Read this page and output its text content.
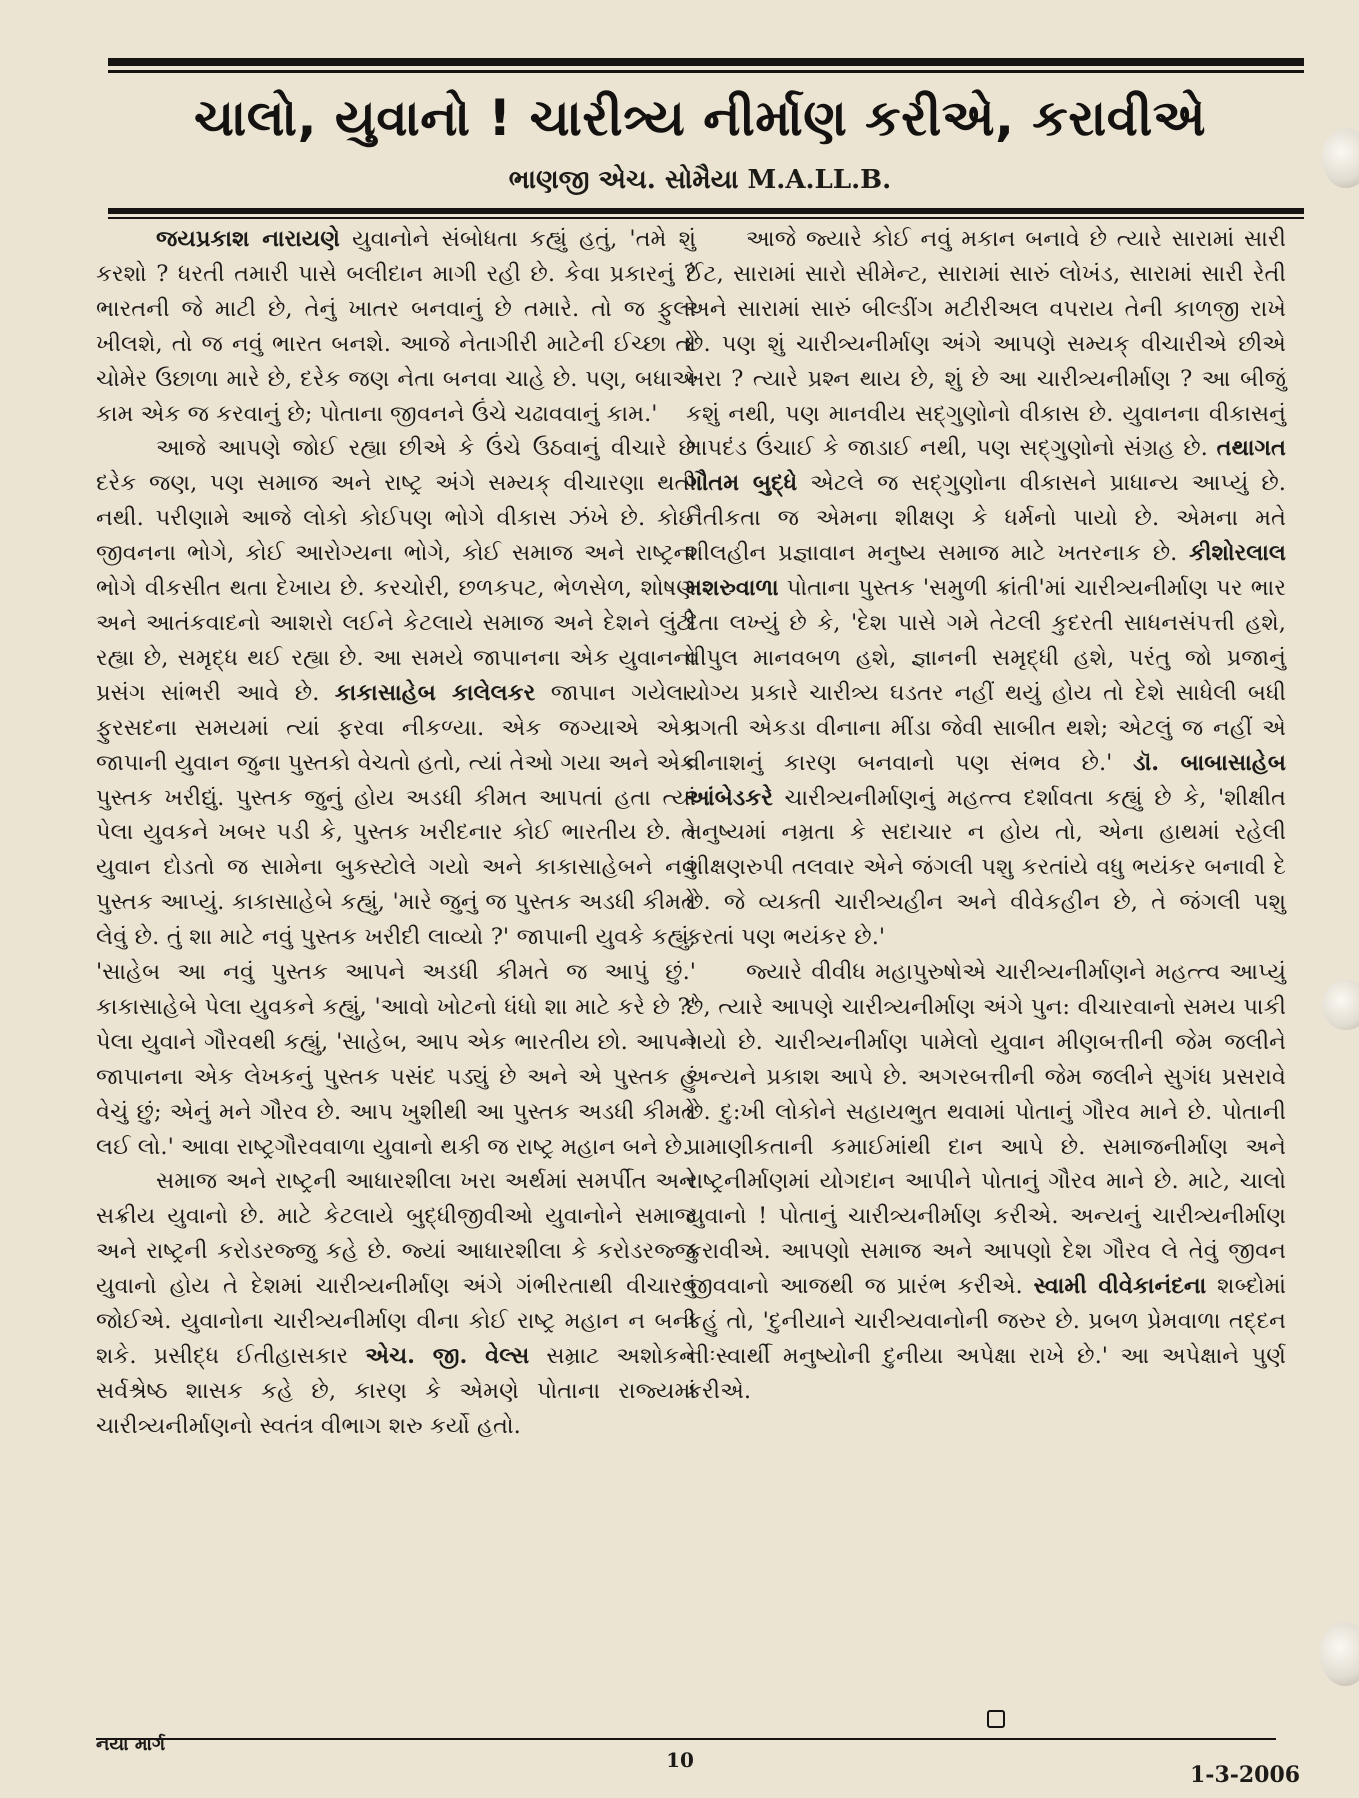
ચાલો, યુવાનો ! ચારીત્ર્ય નીર્માણ કરીએ, કરાવીએ
ભાણજી એચ. સોમૈયા M.A.LL.B.

જયપ્રકાશ નારાયણે યુવાનોને સંબોધતા કહ્યું હતું, 'તમે શું કરશો ? ધરતી તમારી પાસે બલીદાન માગી રહી છે. કેવા પ્રકારનું ? ભારતની જે માટી છે, તેનું ખાતર બનવાનું છે તમારે. તો જ ફુલો ખીલશે, તો જ નવું ભારત બનશે. આજે નેતાગીરી માટેની ઈચ્છા તો ચોમેર ઉછાળા મારે છે, દરેક જણ નેતા બનવા ચાહે છે. પણ, બધાએ કામ એક જ કરવાનું છે; પોતાના જીવનને ઉંચે ચઢાવવાનું કામ.'

આજે આપણે જોઈ રહ્યા છીએ કે ઉંચે ઉઠવાનું વીચારે છે દરેક જણ, પણ સમાજ અને રાષ્ટ્ર અંગે સમ્યક્ વીચારણા થતી નથી. પરીણામે આજે લોકો કોઈપણ ભોગે વીકાસ ઝંખે છે. કોઈ જીવનના ભોગે, કોઈ આરોગ્યના ભોગે, કોઈ સમાજ અને રાષ્ટ્રના ભોગે વીકસીત થતા દેખાય છે. કરચોરી, છળકપટ, ભેળસેળ, શોષણ અને આતંકવાદનો આશરો લઈને કેટલાયે સમાજ અને દેશને લુંટી રહ્યા છે, સમૃદ્ધ થઈ રહ્યા છે. આ સમયે જાપાનના એક યુવાનનો પ્રસંગ સાંભરી આવે છે. કાકાસાહેબ કાલેલકર જાપાન ગયેલા. ફુરસદના સમયમાં ત્યાં ફરવા નીકળ્યા. એક જગ્યાએ એક જાપાની યુવાન જુના પુસ્તકો વેચતો હતો, ત્યાં તેઓ ગયા અને એક પુસ્તક ખરીદ્યું. પુસ્તક જુનું હોય અડધી કીમત આપતાં હતા ત્યાં પેલા યુવકને ખબર પડી કે, પુસ્તક ખરીદનાર કોઈ ભારતીય છે. તે યુવાન દોડતો જ સામેના બુકસ્ટોલે ગયો અને કાકાસાહેબને નવું પુસ્તક આપ્યું. કાકાસાહેબે કહ્યું, 'મારે જુનું જ પુસ્તક અડધી કીમતે લેવું છે. તું શા માટે નવું પુસ્તક ખરીદી લાવ્યો ?' જાપાની યુવકે કહ્યું, 'સાહેબ આ નવું પુસ્તક આપને અડધી કીમતે જ આપું છું.' કાકાસાહેબે પેલા યુવકને કહ્યું, 'આવો ખોટનો ધંધો શા માટે કરે છે ?' પેલા યુવાને ગૌરવથી કહ્યું, 'સાહેબ, આપ એક ભારતીય છો. આપને જાપાનના એક લેખકનું પુસ્તક પસંદ પડ્યું છે અને એ પુસ્તક હું વેચું છું; એનું મને ગૌરવ છે. આપ ખુશીથી આ પુસ્તક અડધી કીમતે લઈ લો.' આવા રાષ્ટ્રગૌરવવાળા યુવાનો થકી જ રાષ્ટ્ર મહાન બને છે.

સમાજ અને રાષ્ટ્રની આધારશીલા ખરા અર્થમાં સમર્પીત અને સક્રીય યુવાનો છે. માટે કેટલાયે બુદ્ધીજીવીઓ યુવાનોને સમાજ અને રાષ્ટ્રની કરોડરજ્જુ કહે છે. જ્યાં આધારશીલા કે કરોડરજ્જુ યુવાનો હોય તે દેશમાં ચારીત્ર્યનીર્માણ અંગે ગંભીરતાથી વીચારવું જોઈએ. યુવાનોના ચારીત્ર્યનીર્માણ વીના કોઈ રાષ્ટ્ર મહાન ન બની શકે. પ્રસીદ્ધ ઈતીહાસકાર એચ. જી. વેલ્સ સમ્રાટ અશોકને સર્વશ્રેષ્ઠ શાસક કહે છે, કારણ કે એમણે પોતાના રાજ્યમાં ચારીત્ર્યનીર્માણનો સ્વતંત્ર વીભાગ શરુ કર્યો હતો.

આજે જ્યારે કોઈ નવું મકાન બનાવે છે ત્યારે સારામાં સારી ઈંટ, સારામાં સારો સીમેન્ટ, સારામાં સારું લોખંડ, સારામાં સારી રેતી અને સારામાં સારું બીલ્ડીંગ મટીરીઅલ વપરાય તેની કાળજી રાખે છે. પણ શું ચારીત્ર્યનીર્માણ અંગે આપણે સમ્યક્ વીચારીએ છીએ ખરા ? ત્યારે પ્રશ્ન થાય છે, શું છે આ ચારીત્ર્યનીર્માણ ? આ બીજું કશું નથી, પણ માનવીય સદ્ગુણોનો વીકાસ છે. યુવાનના વીકાસનું માપદંડ ઉંચાઈ કે જાડાઈ નથી, પણ સદ્ગુણોનો સંગ્રહ છે. તથાગત ગૌતમ બુદ્ધે એટલે જ સદ્ગુણોના વીકાસને પ્રાધાન્ય આપ્યું છે. નૈતીકતા જ એમના શીક્ષણ કે ધર્મનો પાયો છે. એમના મતે શીલહીન પ્રજ્ઞાવાન મનુષ્ય સમાજ માટે ખતરનાક છે. કીશોરલાલ મશરુવાળા પોતાના પુસ્તક 'સમુળી ક્રાંતી'માં ચારીત્ર્યનીર્માણ પર ભાર દેતા લખ્યું છે કે, 'દેશ પાસે ગમે તેટલી કુદરતી સાધનસંપત્તી હશે, વીપુલ માનવબળ હશે, જ્ઞાનની સમૃદ્ધી હશે, પરંતુ જો પ્રજાનું યોગ્ય પ્રકારે ચારીત્ર્ય ઘડતર નહીં થયું હોય તો દેશે સાધેલી બધી પ્રગતી એકડા વીનાના મીંડા જેવી સાબીત થશે; એટલું જ નહીં એ વીનાશનું કારણ બનવાનો પણ સંભવ છે.' ડૉ. બાબાસાહેબ આંબેડકરે ચારીત્ર્યનીર્માણનું મહત્ત્વ દર્શાવતા કહ્યું છે કે, 'શીક્ષીત મનુષ્યમાં નમ્રતા કે સદાચાર ન હોય તો, એના હાથમાં રહેલી શીક્ષણરુપી તલવાર એને જંગલી પશુ કરતાંયે વધુ ભયંકર બનાવી દે છે. જે વ્યક્તી ચારીત્ર્યહીન અને વીવેકહીન છે, તે જંગલી પશુ કરતાં પણ ભયંકર છે.'

જ્યારે વીવીધ મહાપુરુષોએ ચારીત્ર્યનીર્માણને મહત્ત્વ આપ્યું છે, ત્યારે આપણે ચારીત્ર્યનીર્માણ અંગે પુન: વીચારવાનો સમય પાકી ગયો છે. ચારીત્ર્યનીર્માણ પામેલો યુવાન મીણબત્તીની જેમ જલીને અન્યને પ્રકાશ આપે છે. અગરબત્તીની જેમ જલીને સુગંધ પ્રસરાવે છે. દુ:ખી લોકોને સહાયભુત થવામાં પોતાનું ગૌરવ માને છે. પોતાની પ્રામાણીકતાની કમાઈમાંથી દાન આપે છે. સમાજનીર્માણ અને રાષ્ટ્રનીર્માણમાં યોગદાન આપીને પોતાનું ગૌરવ માને છે. માટે, ચાલો યુવાનો ! પોતાનું ચારીત્ર્યનીર્માણ કરીએ. અન્યનું ચારીત્ર્યનીર્માણ કરાવીએ. આપણો સમાજ અને આપણો દેશ ગૌરવ લે તેવું જીવન જીવવાનો આજથી જ પ્રારંભ કરીએ. સ્વામી વીવેકાનંદના શબ્દોમાં કહું તો, 'દુનીયાને ચારીત્ર્યવાનોની જરુર છે. પ્રબળ પ્રેમવાળા તદ્દન નીઃસ્વાર્થી મનુષ્યોની દુનીયા અપેક્ષા રાખે છે.' આ અપેક્ષાને પુર્ણ કરીએ.

નયા માર્ગ
10
1-3-2006
